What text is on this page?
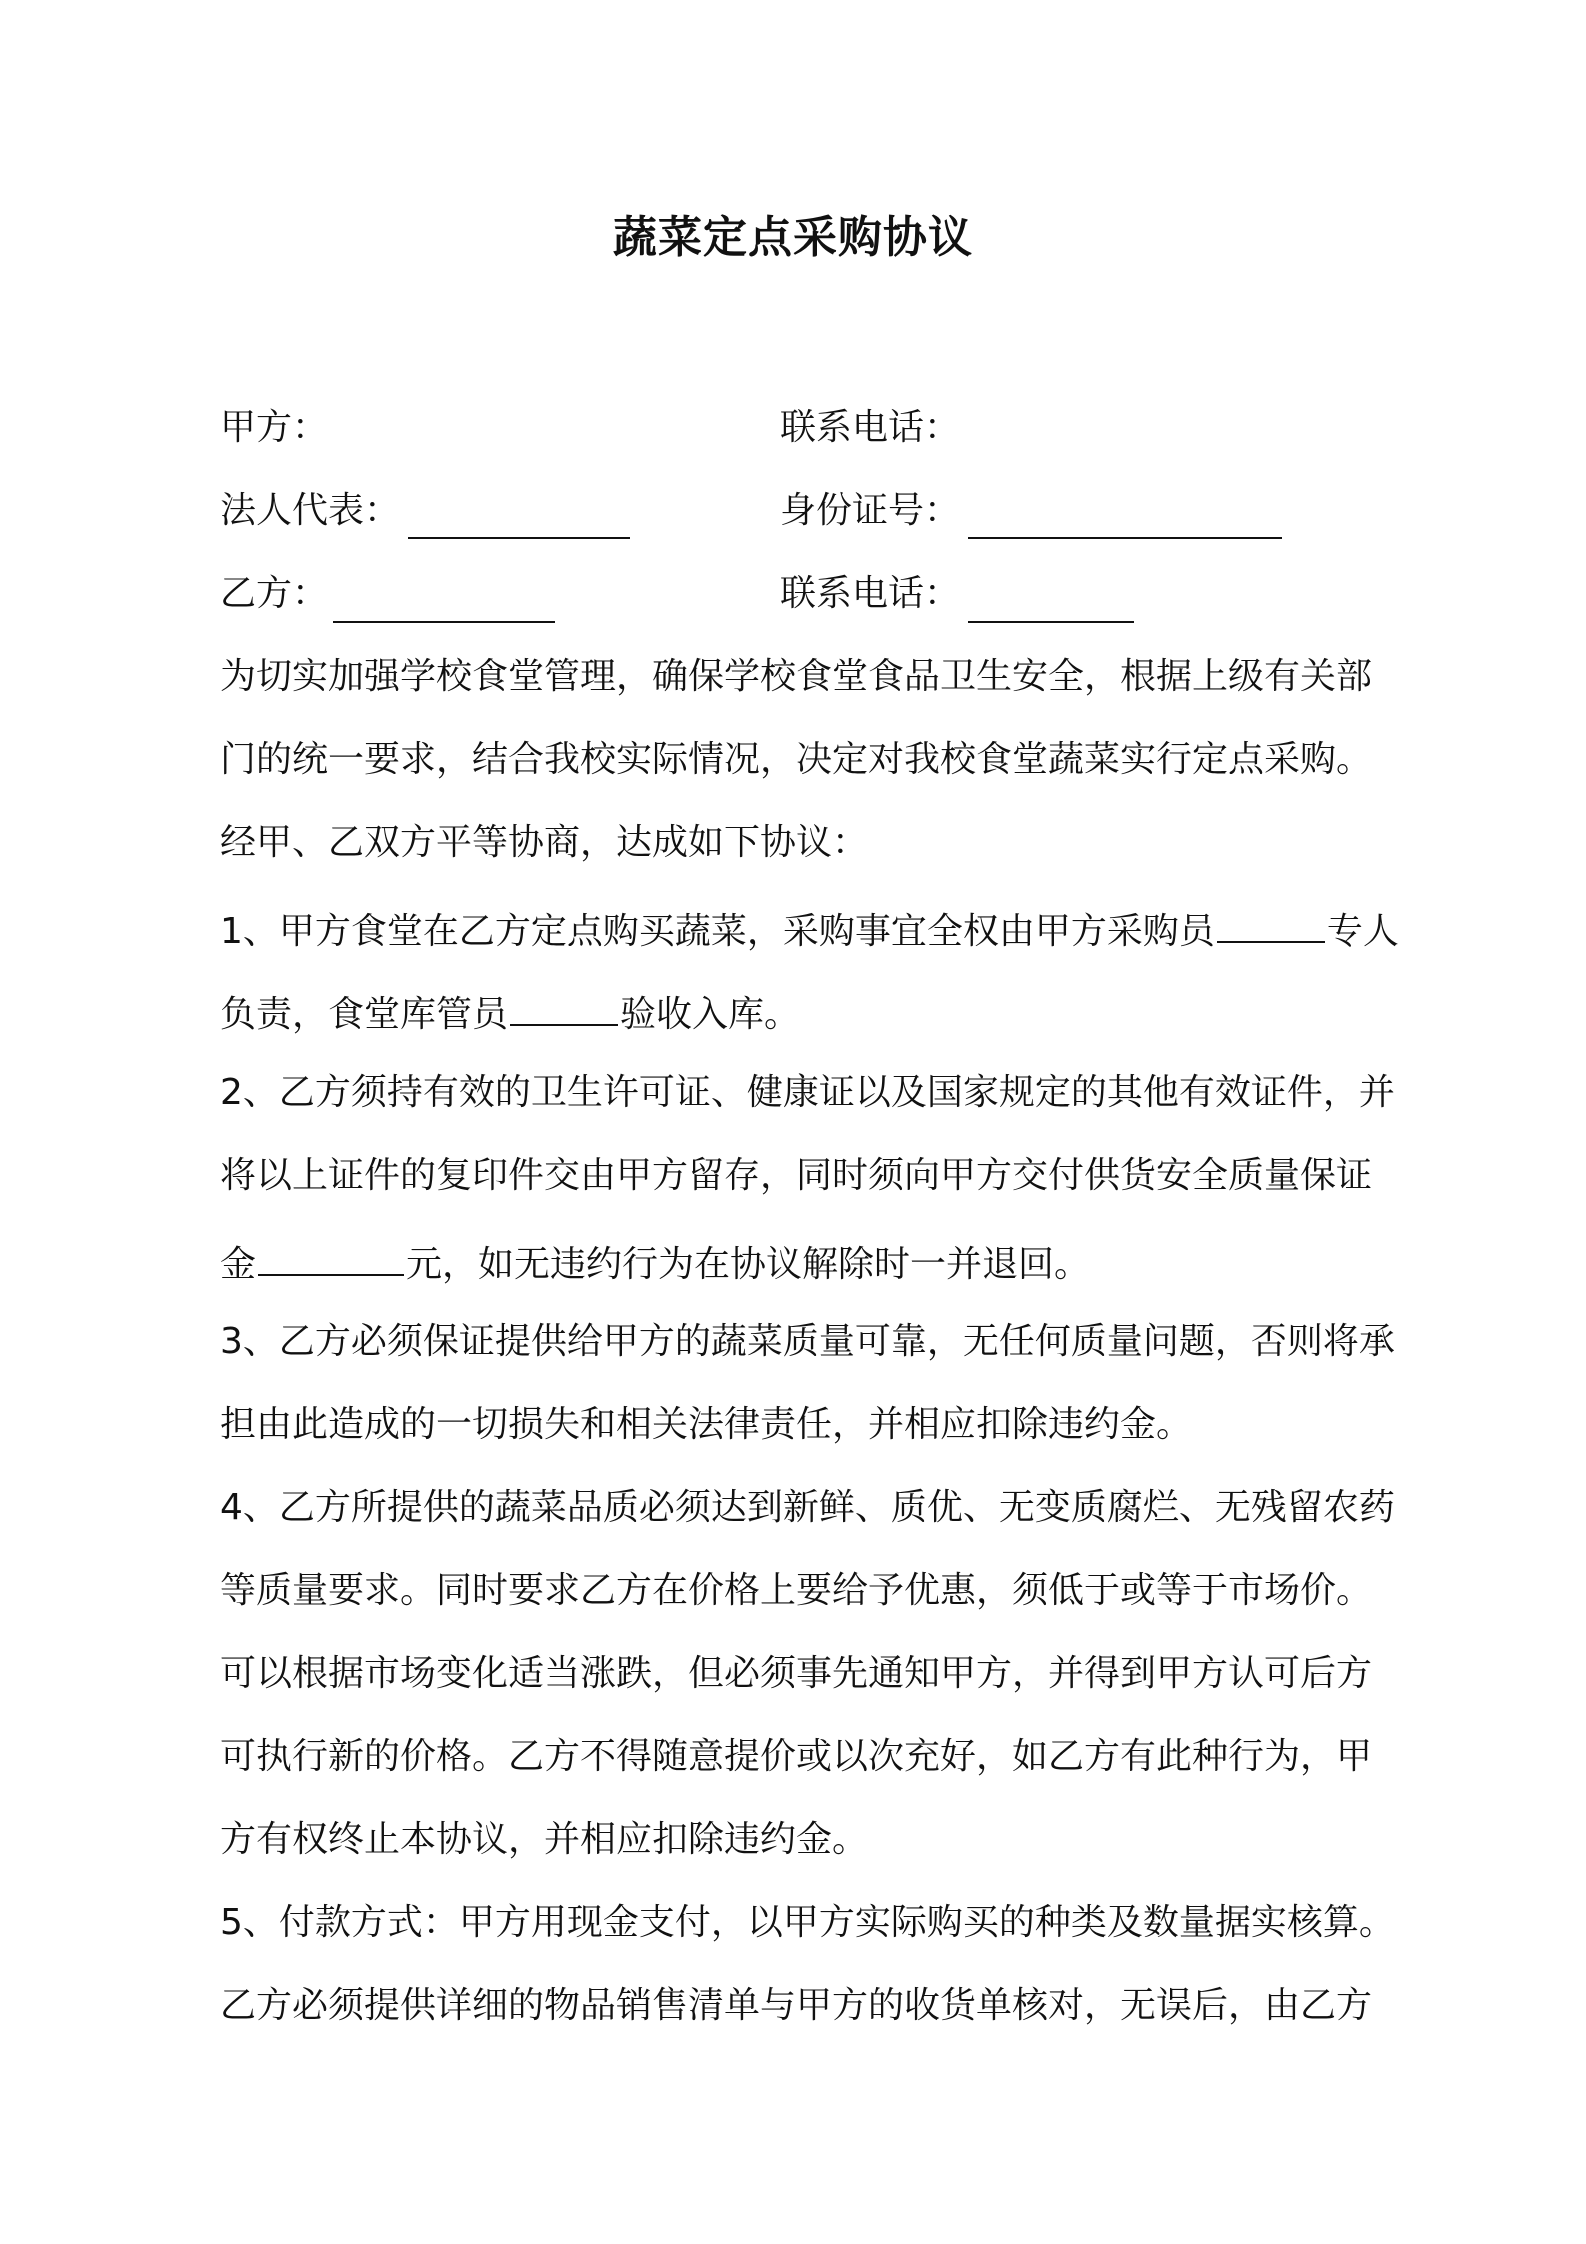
蔬菜定点采购协议
甲方：	联系电话：
法人代表：	身份证号：
乙方：	联系电话：
为切实加强学校食堂管理，确保学校食堂食品卫生安全，根据上级有关部
门的统一要求，结合我校实际情况，决定对我校食堂蔬菜实行定点采购。
经甲、乙双方平等协商，达成如下协议：
1、甲方食堂在乙方定点购买蔬菜，采购事宜全权由甲方采购员	专人
负责，食堂库管员	验收入库。
2、乙方须持有效的卫生许可证、健康证以及国家规定的其他有效证件，并
将以上证件的复印件交由甲方留存，同时须向甲方交付供货安全质量保证
金	元，如无违约行为在协议解除时一并退回。
3、乙方必须保证提供给甲方的蔬菜质量可靠，无任何质量问题，否则将承
担由此造成的一切损失和相关法律责任，并相应扣除违约金。
4、乙方所提供的蔬菜品质必须达到新鲜、质优、无变质腐烂、无残留农药
等质量要求。同时要求乙方在价格上要给予优惠，须低于或等于市场价。
可以根据市场变化适当涨跌，但必须事先通知甲方，并得到甲方认可后方
可执行新的价格。乙方不得随意提价或以次充好，如乙方有此种行为，甲
方有权终止本协议，并相应扣除违约金。
5、付款方式：甲方用现金支付，以甲方实际购买的种类及数量据实核算。
乙方必须提供详细的物品销售清单与甲方的收货单核对，无误后，由乙方
